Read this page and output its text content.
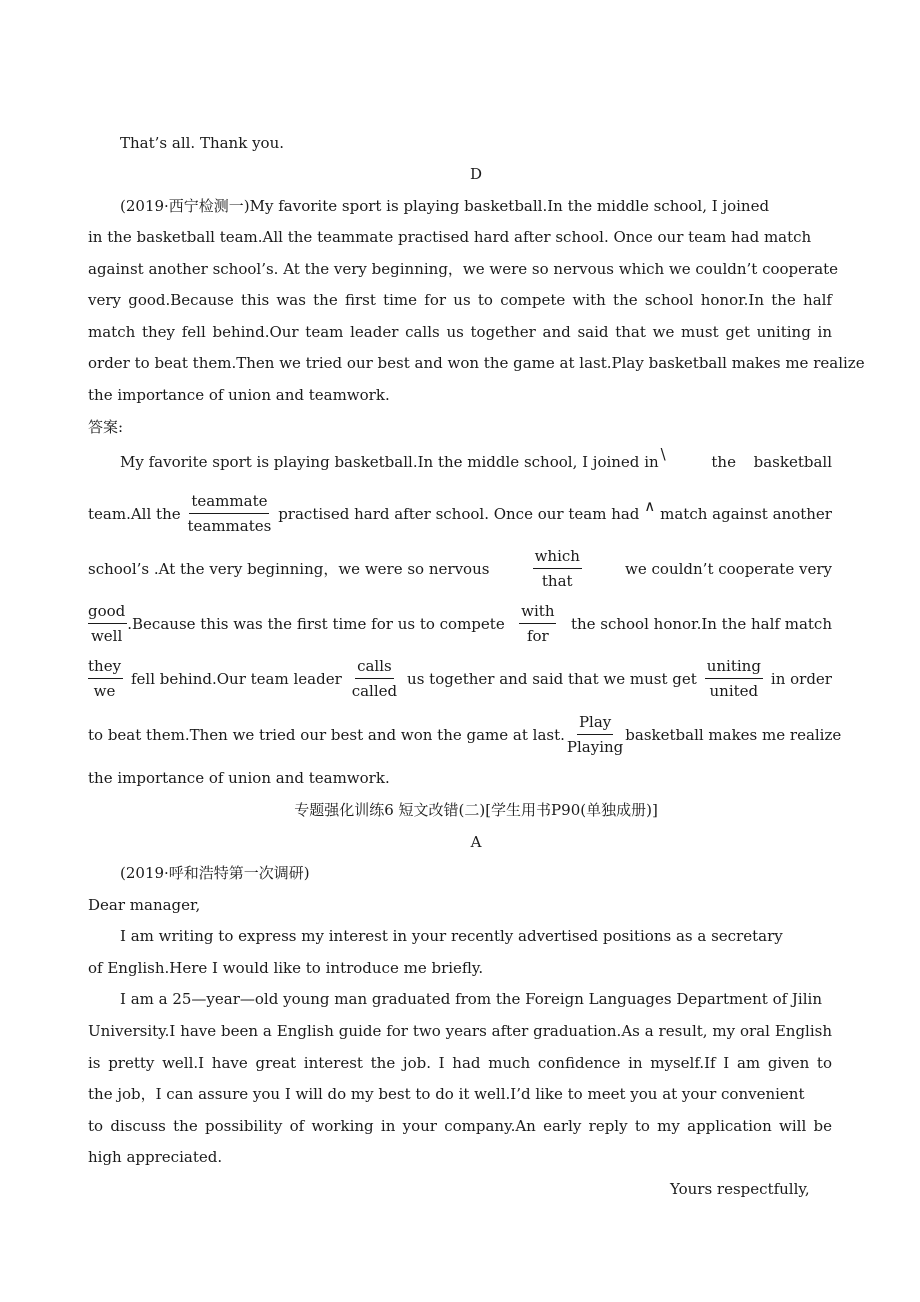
That’s all. Thank you.
D
(2019·西宁检测一)My favorite sport is playing basketball.In the middle school, I joined
in the basketball team.All the teammate practised hard after school. Once our team had match
against another school’s. At the very beginning，we were so nervous which we couldn’t cooperate
very good.Because this was the first time for us to compete with the school honor.In the half
match they fell behind.Our team leader calls us together and said that we must get uniting in
order to beat them.Then we tried our best and won the game at last.Play basketball makes me realize
the importance of union and teamwork.
答案:
My favorite sport is playing basketball.In the middle school, I joined in \	the basketball
team.All the $\frac{\text{teammate}}{\text{teammates}}$ practised hard after school. Once our team had ∧ match against another
school’s .At the very beginning，we were so nervous	$\frac{\text{which}}{\text{that}}$	we couldn’t cooperate very
$\frac{\text{good}}{\text{well}}$ .Because this was the first time for us to compete $\frac{\text{with}}{\text{for}}$ the school honor.In the half match
$\frac{\text{they}}{we}$ fell behind.Our team leader $\frac{\text{calls}}{\text{called}}$ us together and said that we must get $\frac{\text{uniting}}{\text{united}}$ in order
to beat them.Then we tried our best and won the game at last. $\frac{\text{Play}}{\text{Playing}}$ basketball makes me realize
the importance of union and teamwork.
专题强化训练6 短文改错(二)[学生用书P90(单独成册)]
A
(2019·呼和浩特第一次调研)
Dear manager,
I am writing to express my interest in your recently advertised positions as a secretary
of English.Here I would like to introduce me briefly.
I am a 25—year—old young man graduated from the Foreign Languages Department of Jilin
University.I have been a English guide for two years after graduation.As a result, my oral English
is pretty well.I have great interest the job. I had much confidence in myself.If I am given to
the job，I can assure you I will do my best to do it well.I’d like to meet you at your convenient
to discuss the possibility of working in your company.An early reply to my application will be
high appreciated.
Yours respectfully,
